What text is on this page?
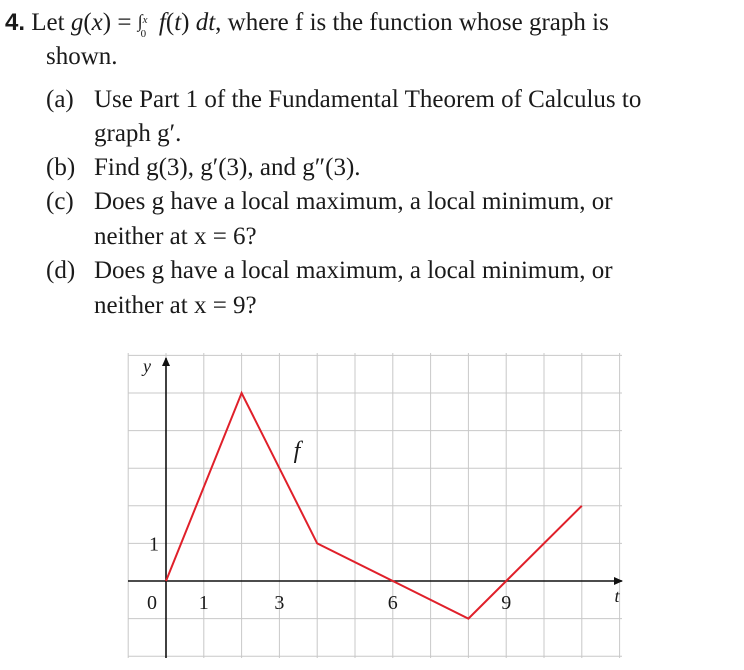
4. Let g(x) = ∫ x
0 f(t) dt, where f is the function whose graph is
shown.
(a) Use Part 1 of the Fundamental Theorem of Calculus to
graph g′.
(b) Find g(3), g′(3), and g″(3).
(c) Does g have a local maximum, a local minimum, or
neither at x = 6?
(d) Does g have a local maximum, a local minimum, or
neither at x = 9?
0 1	3	6	9
1
t
y
f
